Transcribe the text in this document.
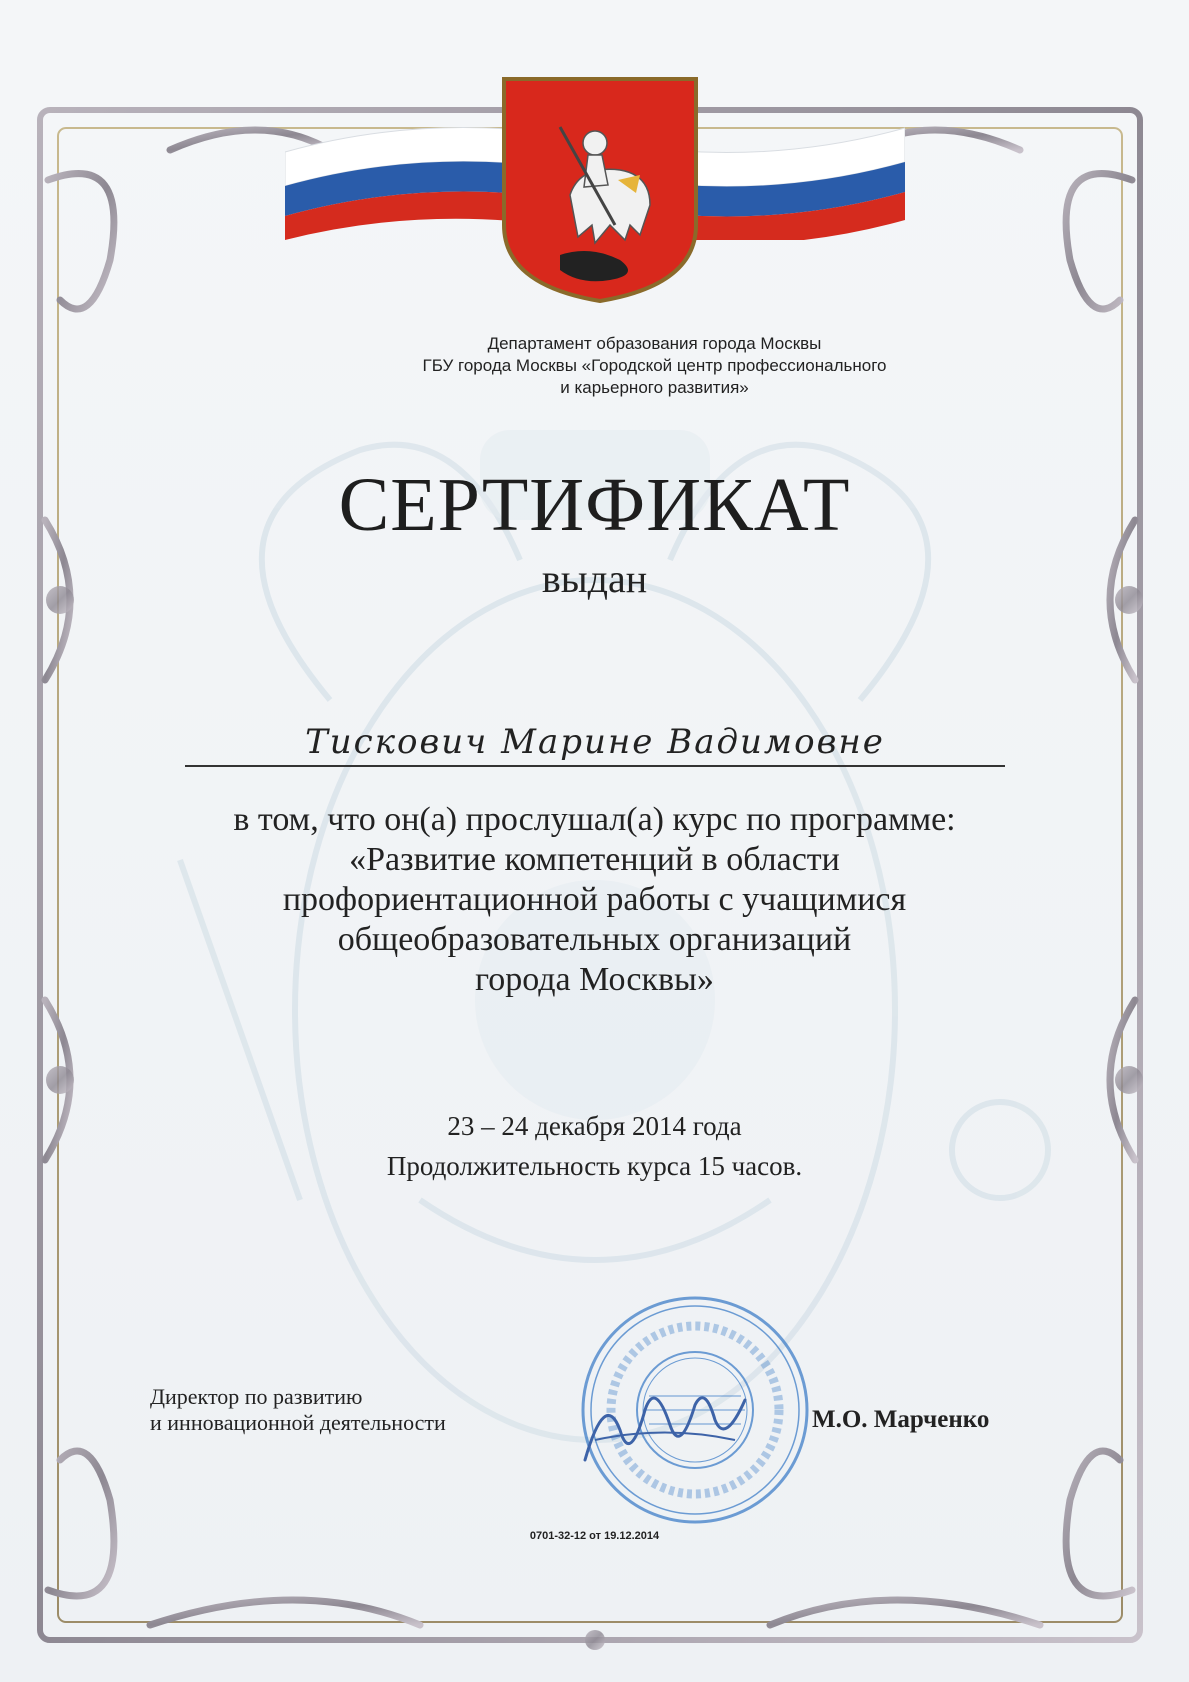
Департамент образования города Москвы
ГБУ города Москвы «Городской центр профессионального
и карьерного развития»
СЕРТИФИКАТ
выдан
Тискович Марине Вадимовне
в том, что он(а) прослушал(а) курс по программе:
«Развитие компетенций в области
профориентационной работы с учащимися
общеобразовательных организаций
города Москвы»
23 – 24 декабря 2014 года
Продолжительность курса 15 часов.
Директор по развитию
и инновационной деятельности	М.О. Марченко
0701-32-12 от 19.12.2014
